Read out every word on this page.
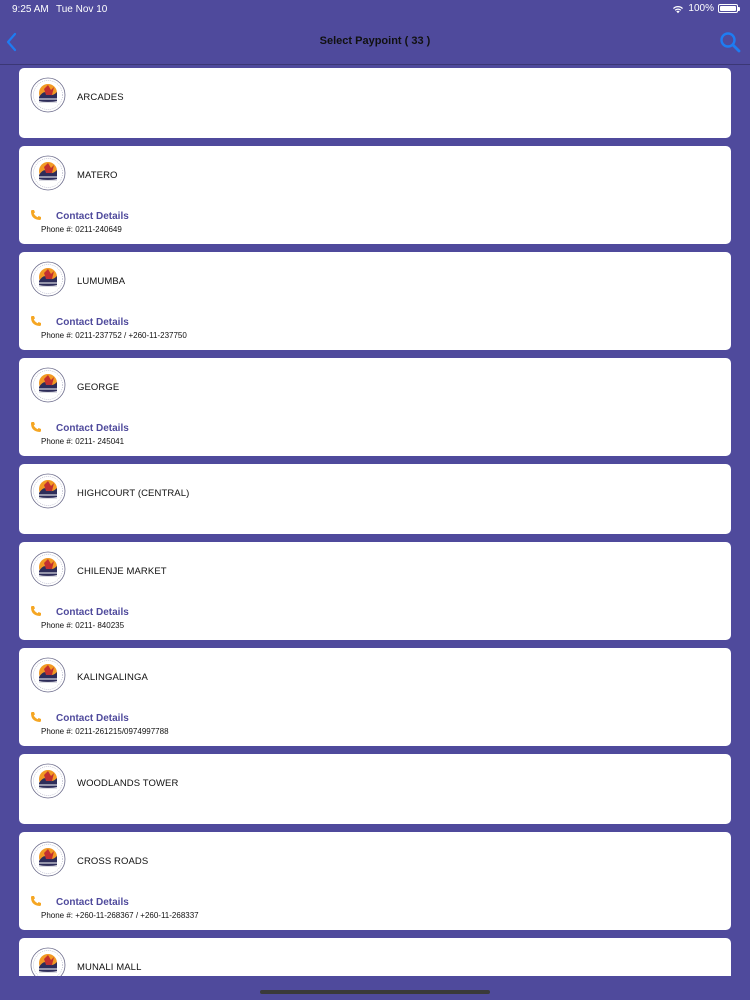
9:25 AM Tue Nov 10	100%
Select Paypoint ( 33 )
ARCADES
MATERO
Contact Details
Phone #: 0211-240649
LUMUMBA
Contact Details
Phone #: 0211-237752 / +260-11-237750
GEORGE
Contact Details
Phone #: 0211- 245041
HIGHCOURT (CENTRAL)
CHILENJE MARKET
Contact Details
Phone #: 0211- 840235
KALINGALINGA
Contact Details
Phone #: 0211-261215/0974997788
WOODLANDS TOWER
CROSS ROADS
Contact Details
Phone #: +260-11-268367 / +260-11-268337
MUNALI MALL
